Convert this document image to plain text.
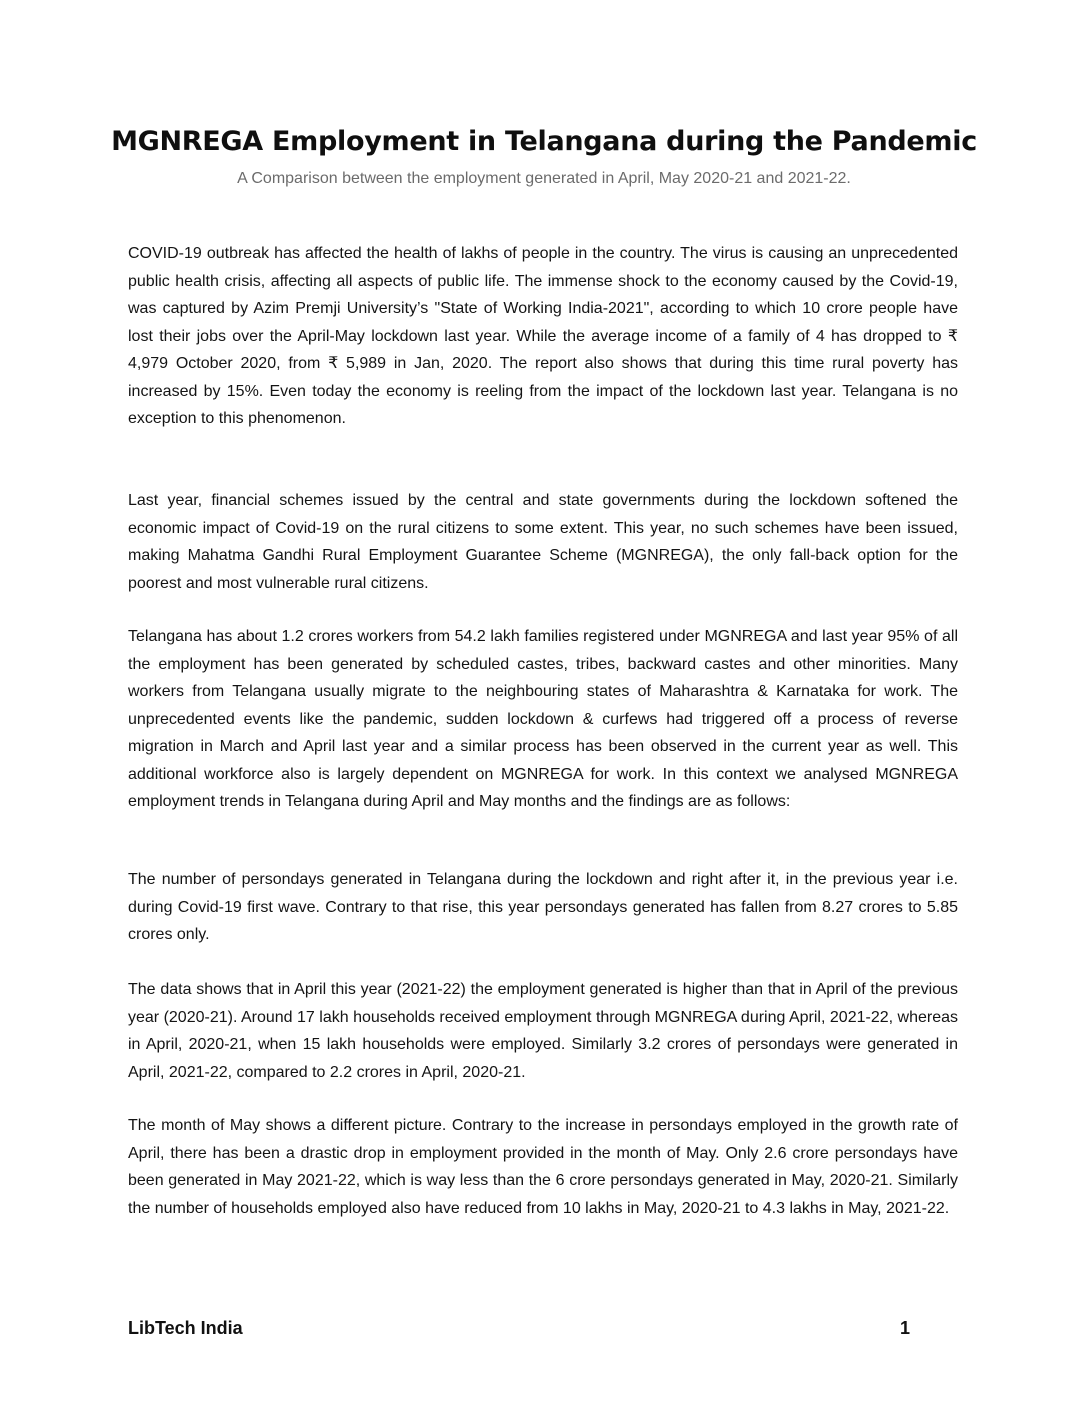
MGNREGA Employment in Telangana during the Pandemic

A Comparison between the employment generated in April, May 2020-21 and 2021-22.

COVID-19 outbreak has affected the health of lakhs of people in the country. The virus is causing an unprecedented public health crisis, affecting all aspects of public life. The immense shock to the economy caused by the Covid-19, was captured by Azim Premji University’s "State of Working India-2021", according to which 10 crore people have lost their jobs over the April-May lockdown last year. While the average income of a family of 4 has dropped to ₹ 4,979 October 2020, from ₹ 5,989 in Jan, 2020. The report also shows that during this time rural poverty has increased by 15%. Even today the economy is reeling from the impact of the lockdown last year. Telangana is no exception to this phenomenon.

Last year, financial schemes issued by the central and state governments during the lockdown softened the economic impact of Covid-19 on the rural citizens to some extent. This year, no such schemes have been issued, making Mahatma Gandhi Rural Employment Guarantee Scheme (MGNREGA), the only fall-back option for the poorest and most vulnerable rural citizens.

Telangana has about 1.2 crores workers from 54.2 lakh families registered under MGNREGA and last year 95% of all the employment has been generated by scheduled castes, tribes, backward castes and other minorities. Many workers from Telangana usually migrate to the neighbouring states of Maharashtra & Karnataka for work. The unprecedented events like the pandemic, sudden lockdown & curfews had triggered off a process of reverse migration in March and April last year and a similar process has been observed in the current year as well. This additional workforce also is largely dependent on MGNREGA for work. In this context we analysed MGNREGA employment trends in Telangana during April and May months and the findings are as follows:

The number of persondays generated in Telangana during the lockdown and right after it, in the previous year i.e. during Covid-19 first wave. Contrary to that rise, this year persondays generated has fallen from 8.27 crores to 5.85 crores only.

The data shows that in April this year (2021-22) the employment generated is higher than that in April of the previous year (2020-21). Around 17 lakh households received employment through MGNREGA during April, 2021-22, whereas in April, 2020-21, when 15 lakh households were employed. Similarly 3.2 crores of persondays were generated in April, 2021-22, compared to 2.2 crores in April, 2020-21.

The month of May shows a different picture. Contrary to the increase in persondays employed in the growth rate of April, there has been a drastic drop in employment provided in the month of May. Only 2.6 crore persondays have been generated in May 2021-22, which is way less than the 6 crore persondays generated in May, 2020-21. Similarly the number of households employed also have reduced from 10 lakhs in May, 2020-21 to 4.3 lakhs in May, 2021-22.

LibTech India	1
